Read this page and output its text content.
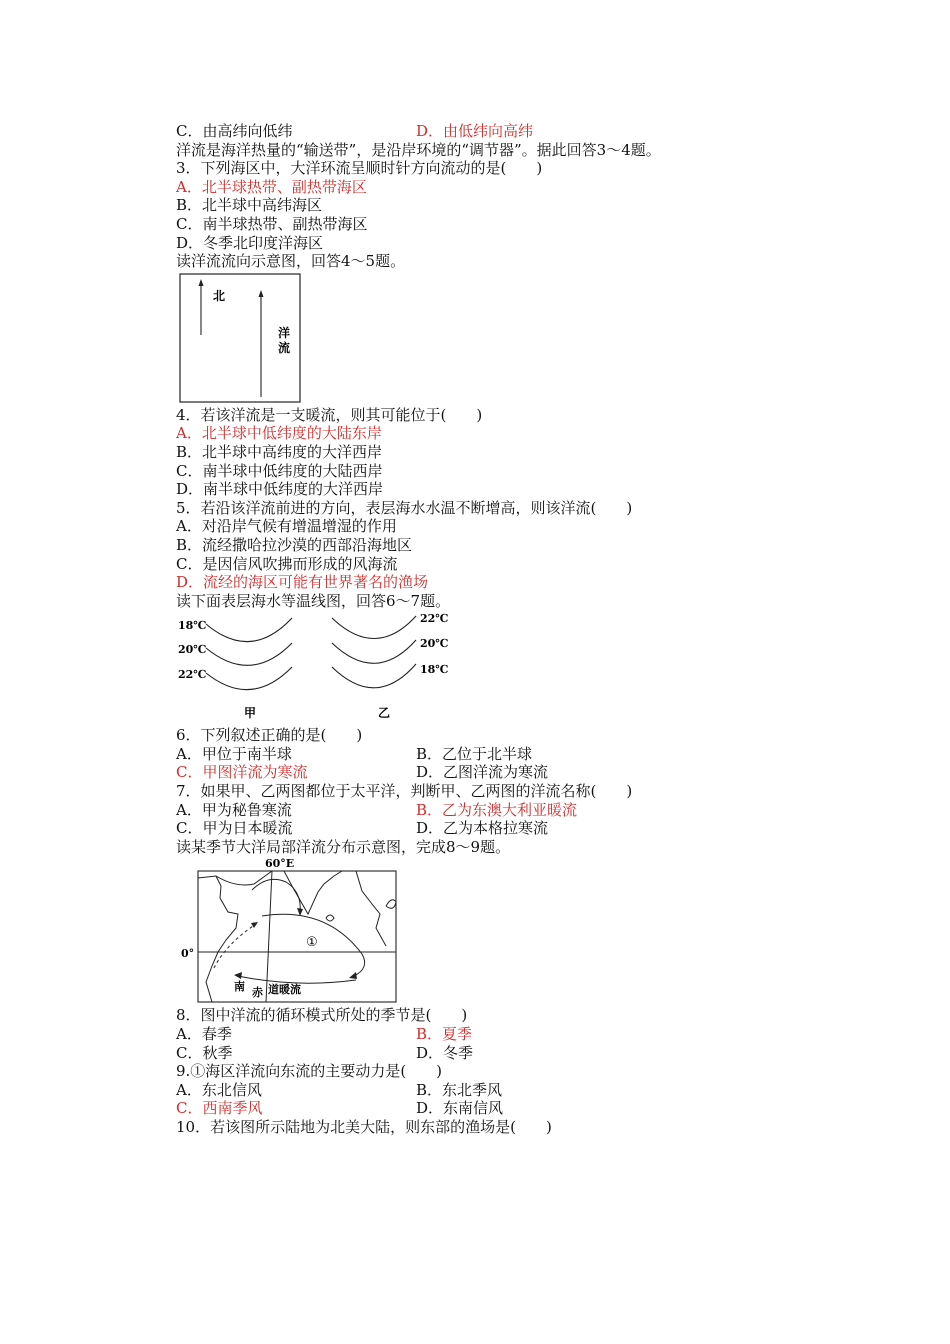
C．由高纬向低纬	D．由低纬向高纬
洋流是海洋热量的“输送带”，是沿岸环境的“调节器”。据此回答3～4题。
3．下列海区中，大洋环流呈顺时针方向流动的是(　　)
A．北半球热带、副热带海区
B．北半球中高纬海区
C．南半球热带、副热带海区
D．冬季北印度洋海区
读洋流流向示意图，回答4～5题。
北
洋
流
4．若该洋流是一支暖流，则其可能位于(　　)
A．北半球中低纬度的大陆东岸
B．北半球中高纬度的大洋西岸
C．南半球中低纬度的大陆西岸
D．南半球中低纬度的大洋西岸
5．若沿该洋流前进的方向，表层海水水温不断增高，则该洋流(　　)
A．对沿岸气候有增温增湿的作用
B．流经撒哈拉沙漠的西部沿海地区
C．是因信风吹拂而形成的风海流
D．流经的海区可能有世界著名的渔场
读下面表层海水等温线图，回答6～7题。
18℃
20℃
22℃
甲
22℃
20℃
18℃
乙
6．下列叙述正确的是(　　)
A．甲位于南半球	B．乙位于北半球
C．甲图洋流为寒流	D．乙图洋流为寒流
7．如果甲、乙两图都位于太平洋，判断甲、乙两图的洋流名称(　　)
A．甲为秘鲁寒流	B．乙为东澳大利亚暖流
C．甲为日本暖流	D．乙为本格拉寒流
读某季节大洋局部洋流分布示意图，完成8～9题。
60°E
0°
①
南 赤 道暖流
8．图中洋流的循环模式所处的季节是(　　)
A．春季	B．夏季
C．秋季	D．冬季
9.①海区洋流向东流的主要动力是(　　)
A．东北信风	B．东北季风
C．西南季风	D．东南信风
10．若该图所示陆地为北美大陆，则东部的渔场是(　　)
